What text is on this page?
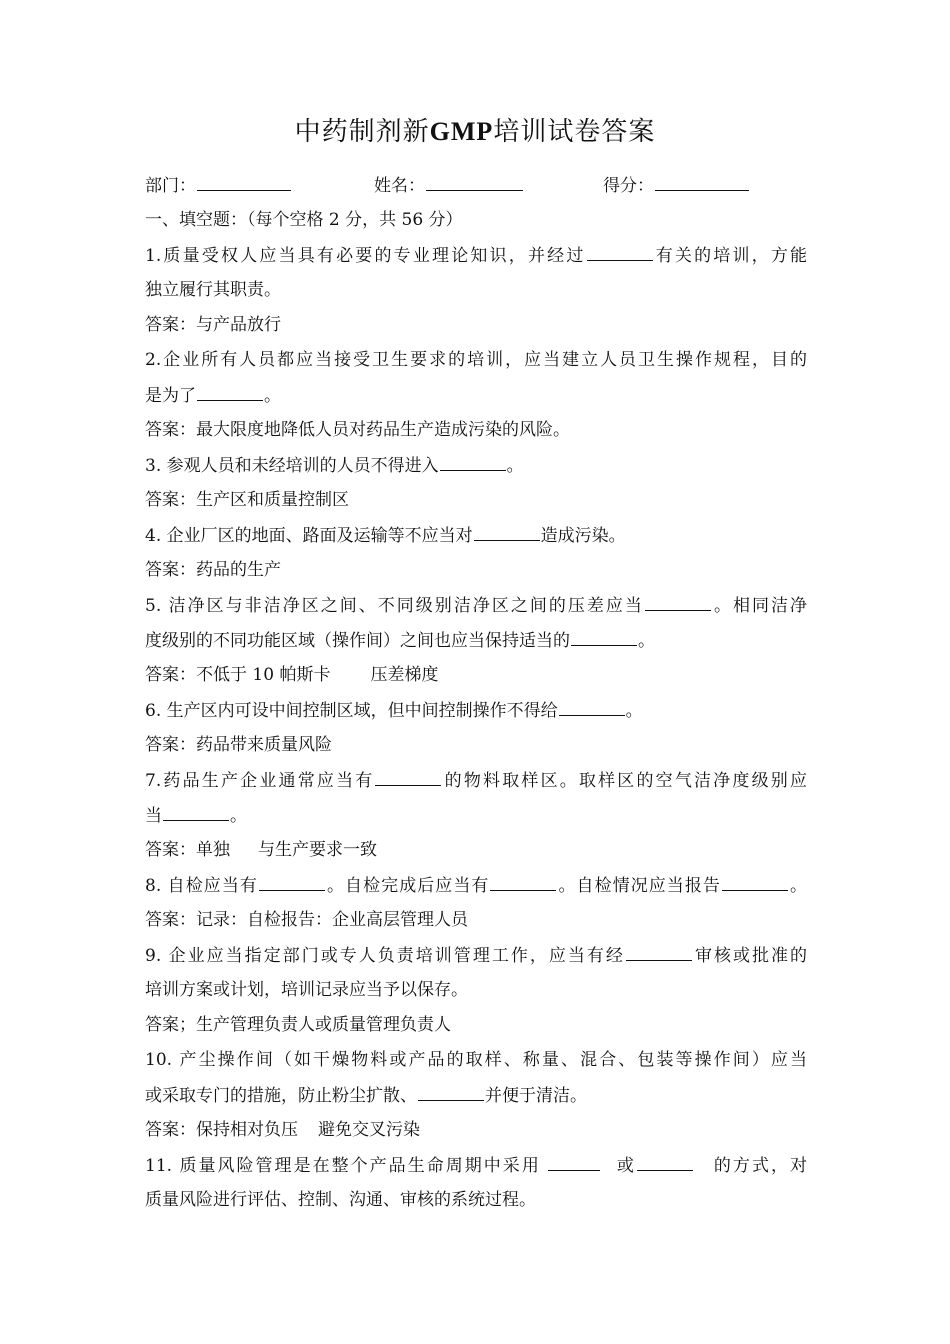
中药制剂新GMP培训试卷答案
部门：	姓名：	得分：
一、填空题：（每个空格 2 分，共 56 分）
1.质量受权人应当具有必要的专业理论知识，并经过	有关的培训，方能
独立履行其职责。
答案：与产品放行
2.企业所有人员都应当接受卫生要求的培训，应当建立人员卫生操作规程，目的
是为了	。
答案：最大限度地降低人员对药品生产造成污染的风险。
3. 参观人员和未经培训的人员不得进入	。
答案：生产区和质量控制区
4. 企业厂区的地面、路面及运输等不应当对	造成污染。
答案：药品的生产
5. 洁净区与非洁净区之间、不同级别洁净区之间的压差应当	。相同洁净
度级别的不同功能区域（操作间）之间也应当保持适当的	。
答案：不低于 10 帕斯卡 压差梯度
6. 生产区内可设中间控制区域，但中间控制操作不得给	。
答案：药品带来质量风险
7.药品生产企业通常应当有	的物料取样区。取样区的空气洁净度级别应
当	。
答案：单独 与生产要求一致
8. 自检应当有	。自检完成后应当有	。自检情况应当报告	。
答案：记录：自检报告：企业高层管理人员
9. 企业应当指定部门或专人负责培训管理工作，应当有经	审核或批准的
培训方案或计划，培训记录应当予以保存。
答案；生产管理负责人或质量管理负责人
10. 产尘操作间（如干燥物料或产品的取样、称量、混合、包装等操作间）应当
或采取专门的措施，防止粉尘扩散、	并便于清洁。
答案：保持相对负压 避免交叉污染
11. 质量风险管理是在整个产品生命周期中采用	或	的方式，对
质量风险进行评估、控制、沟通、审核的系统过程。
